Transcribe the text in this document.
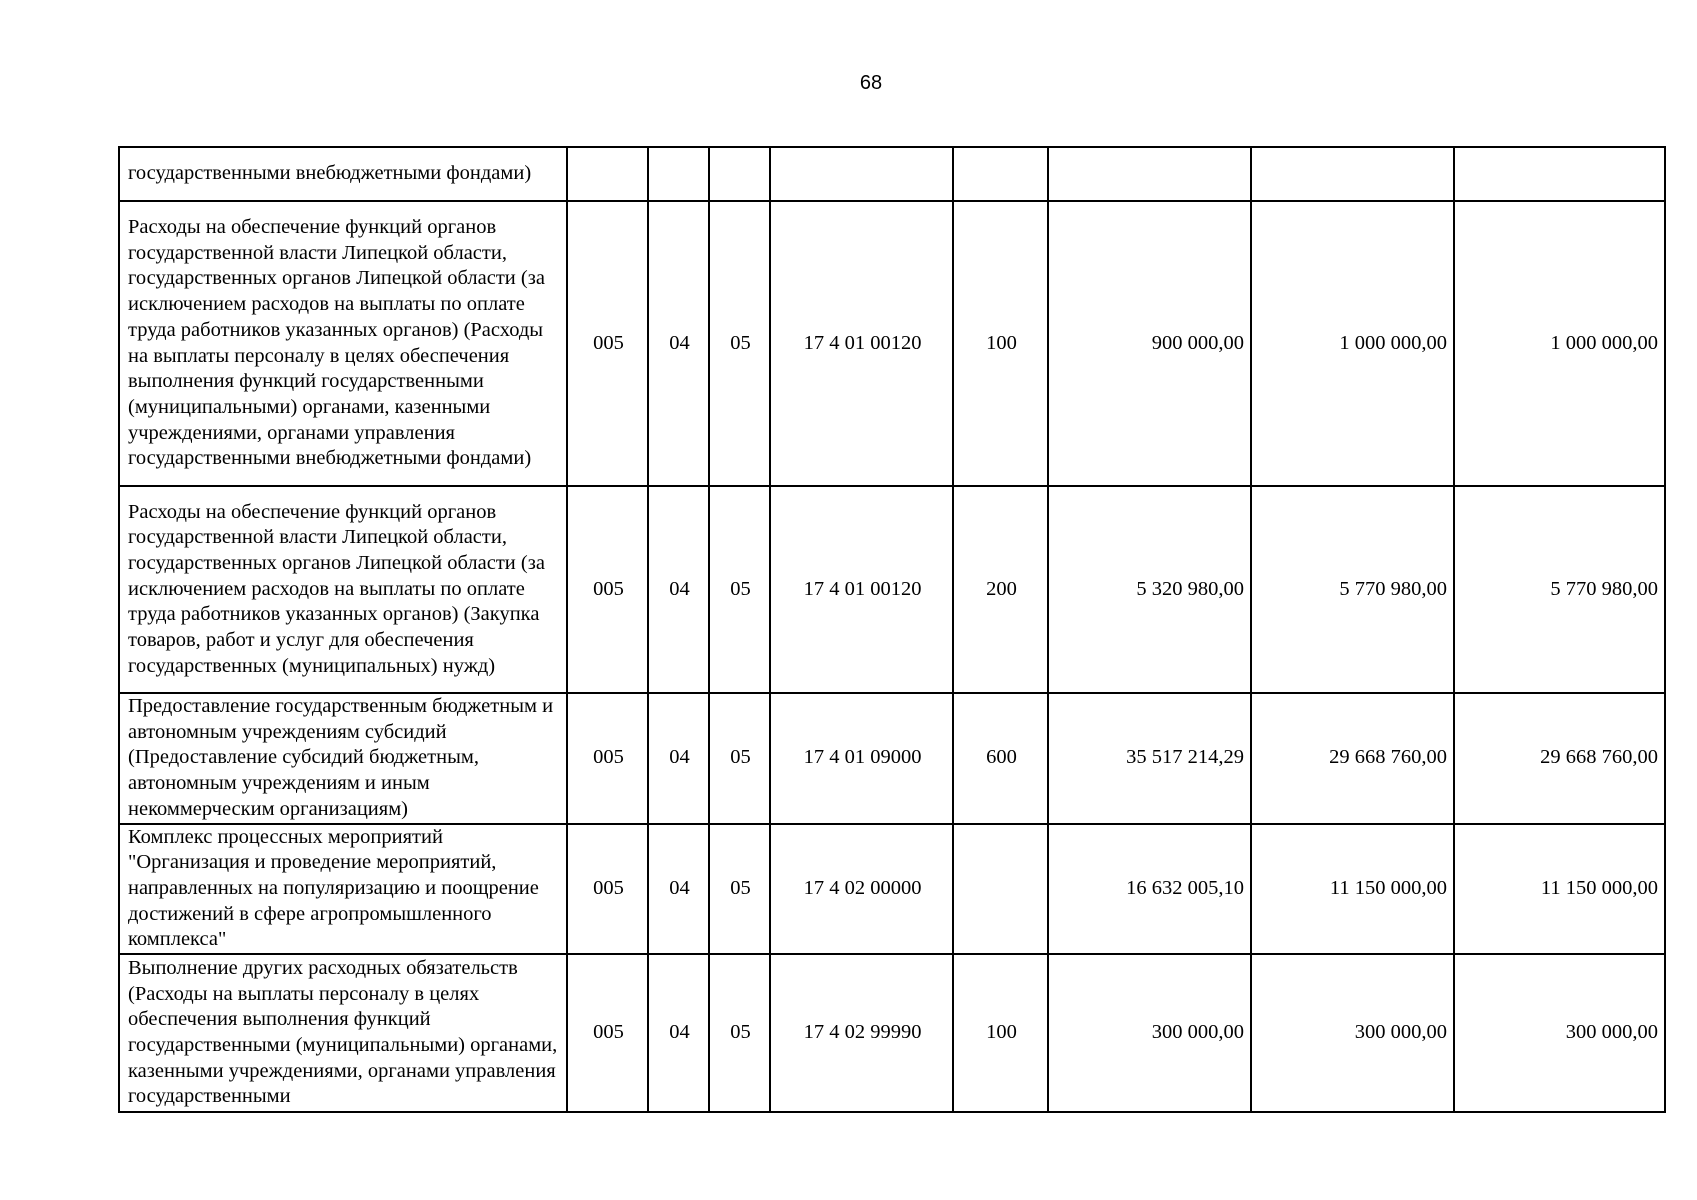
68
государственными внебюджетными фондами)								
Расходы на обеспечение функций органов государственной власти Липецкой области, государственных органов Липецкой области (за исключением расходов на выплаты по оплате труда работников указанных органов) (Расходы на выплаты персоналу в целях обеспечения выполнения функций государственными (муниципальными) органами, казенными учреждениями, органами управления государственными внебюджетными фондами)	005	04	05	17 4 01 00120	100	900 000,00	1 000 000,00	1 000 000,00
Расходы на обеспечение функций органов государственной власти Липецкой области, государственных органов Липецкой области (за исключением расходов на выплаты по оплате труда работников указанных органов) (Закупка товаров, работ и услуг для обеспечения государственных (муниципальных) нужд)	005	04	05	17 4 01 00120	200	5 320 980,00	5 770 980,00	5 770 980,00
Предоставление государственным бюджетным и автономным учреждениям субсидий (Предоставление субсидий бюджетным, автономным учреждениям и иным некоммерческим организациям)	005	04	05	17 4 01 09000	600	35 517 214,29	29 668 760,00	29 668 760,00
Комплекс процессных мероприятий "Организация и проведение мероприятий, направленных на популяризацию и поощрение достижений в сфере агропромышленного комплекса"	005	04	05	17 4 02 00000		16 632 005,10	11 150 000,00	11 150 000,00
Выполнение других расходных обязательств (Расходы на выплаты персоналу в целях обеспечения выполнения функций государственными (муниципальными) органами, казенными учреждениями, органами управления государственными	005	04	05	17 4 02 99990	100	300 000,00	300 000,00	300 000,00
